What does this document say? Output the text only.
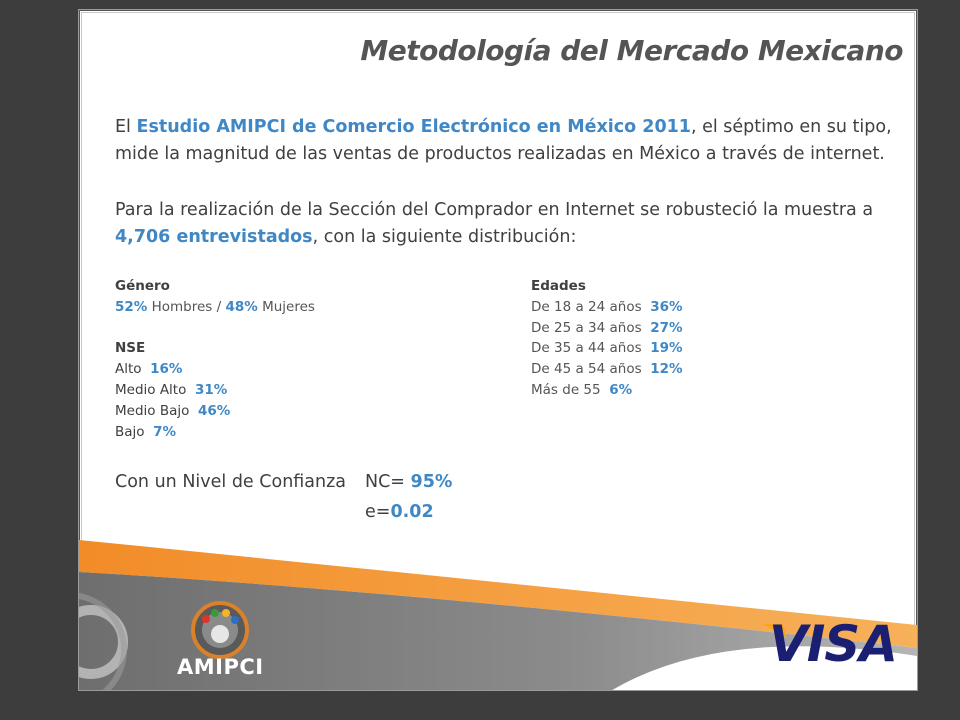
Metodología del Mercado Mexicano
El Estudio AMIPCI de Comercio Electrónico en México 2011, el séptimo en su tipo, mide la magnitud de las ventas de productos realizadas en México a través de internet.
Para la realización de la Sección del Comprador en Internet se robusteció la muestra a 4,706 entrevistados, con la siguiente distribución:
Género
52% Hombres / 48% Mujeres
NSE
Alto 16%
Medio Alto 31%
Medio Bajo 46%
Bajo 7%
Edades
De 18 a 24 años 36%
De 25 a 34 años 27%
De 35 a 44 años 19%
De 45 a 54 años 12%
Más de 55 6%
Con un Nivel de Confianza NC= 95%
e=0.02
AMIPCI	VISA
